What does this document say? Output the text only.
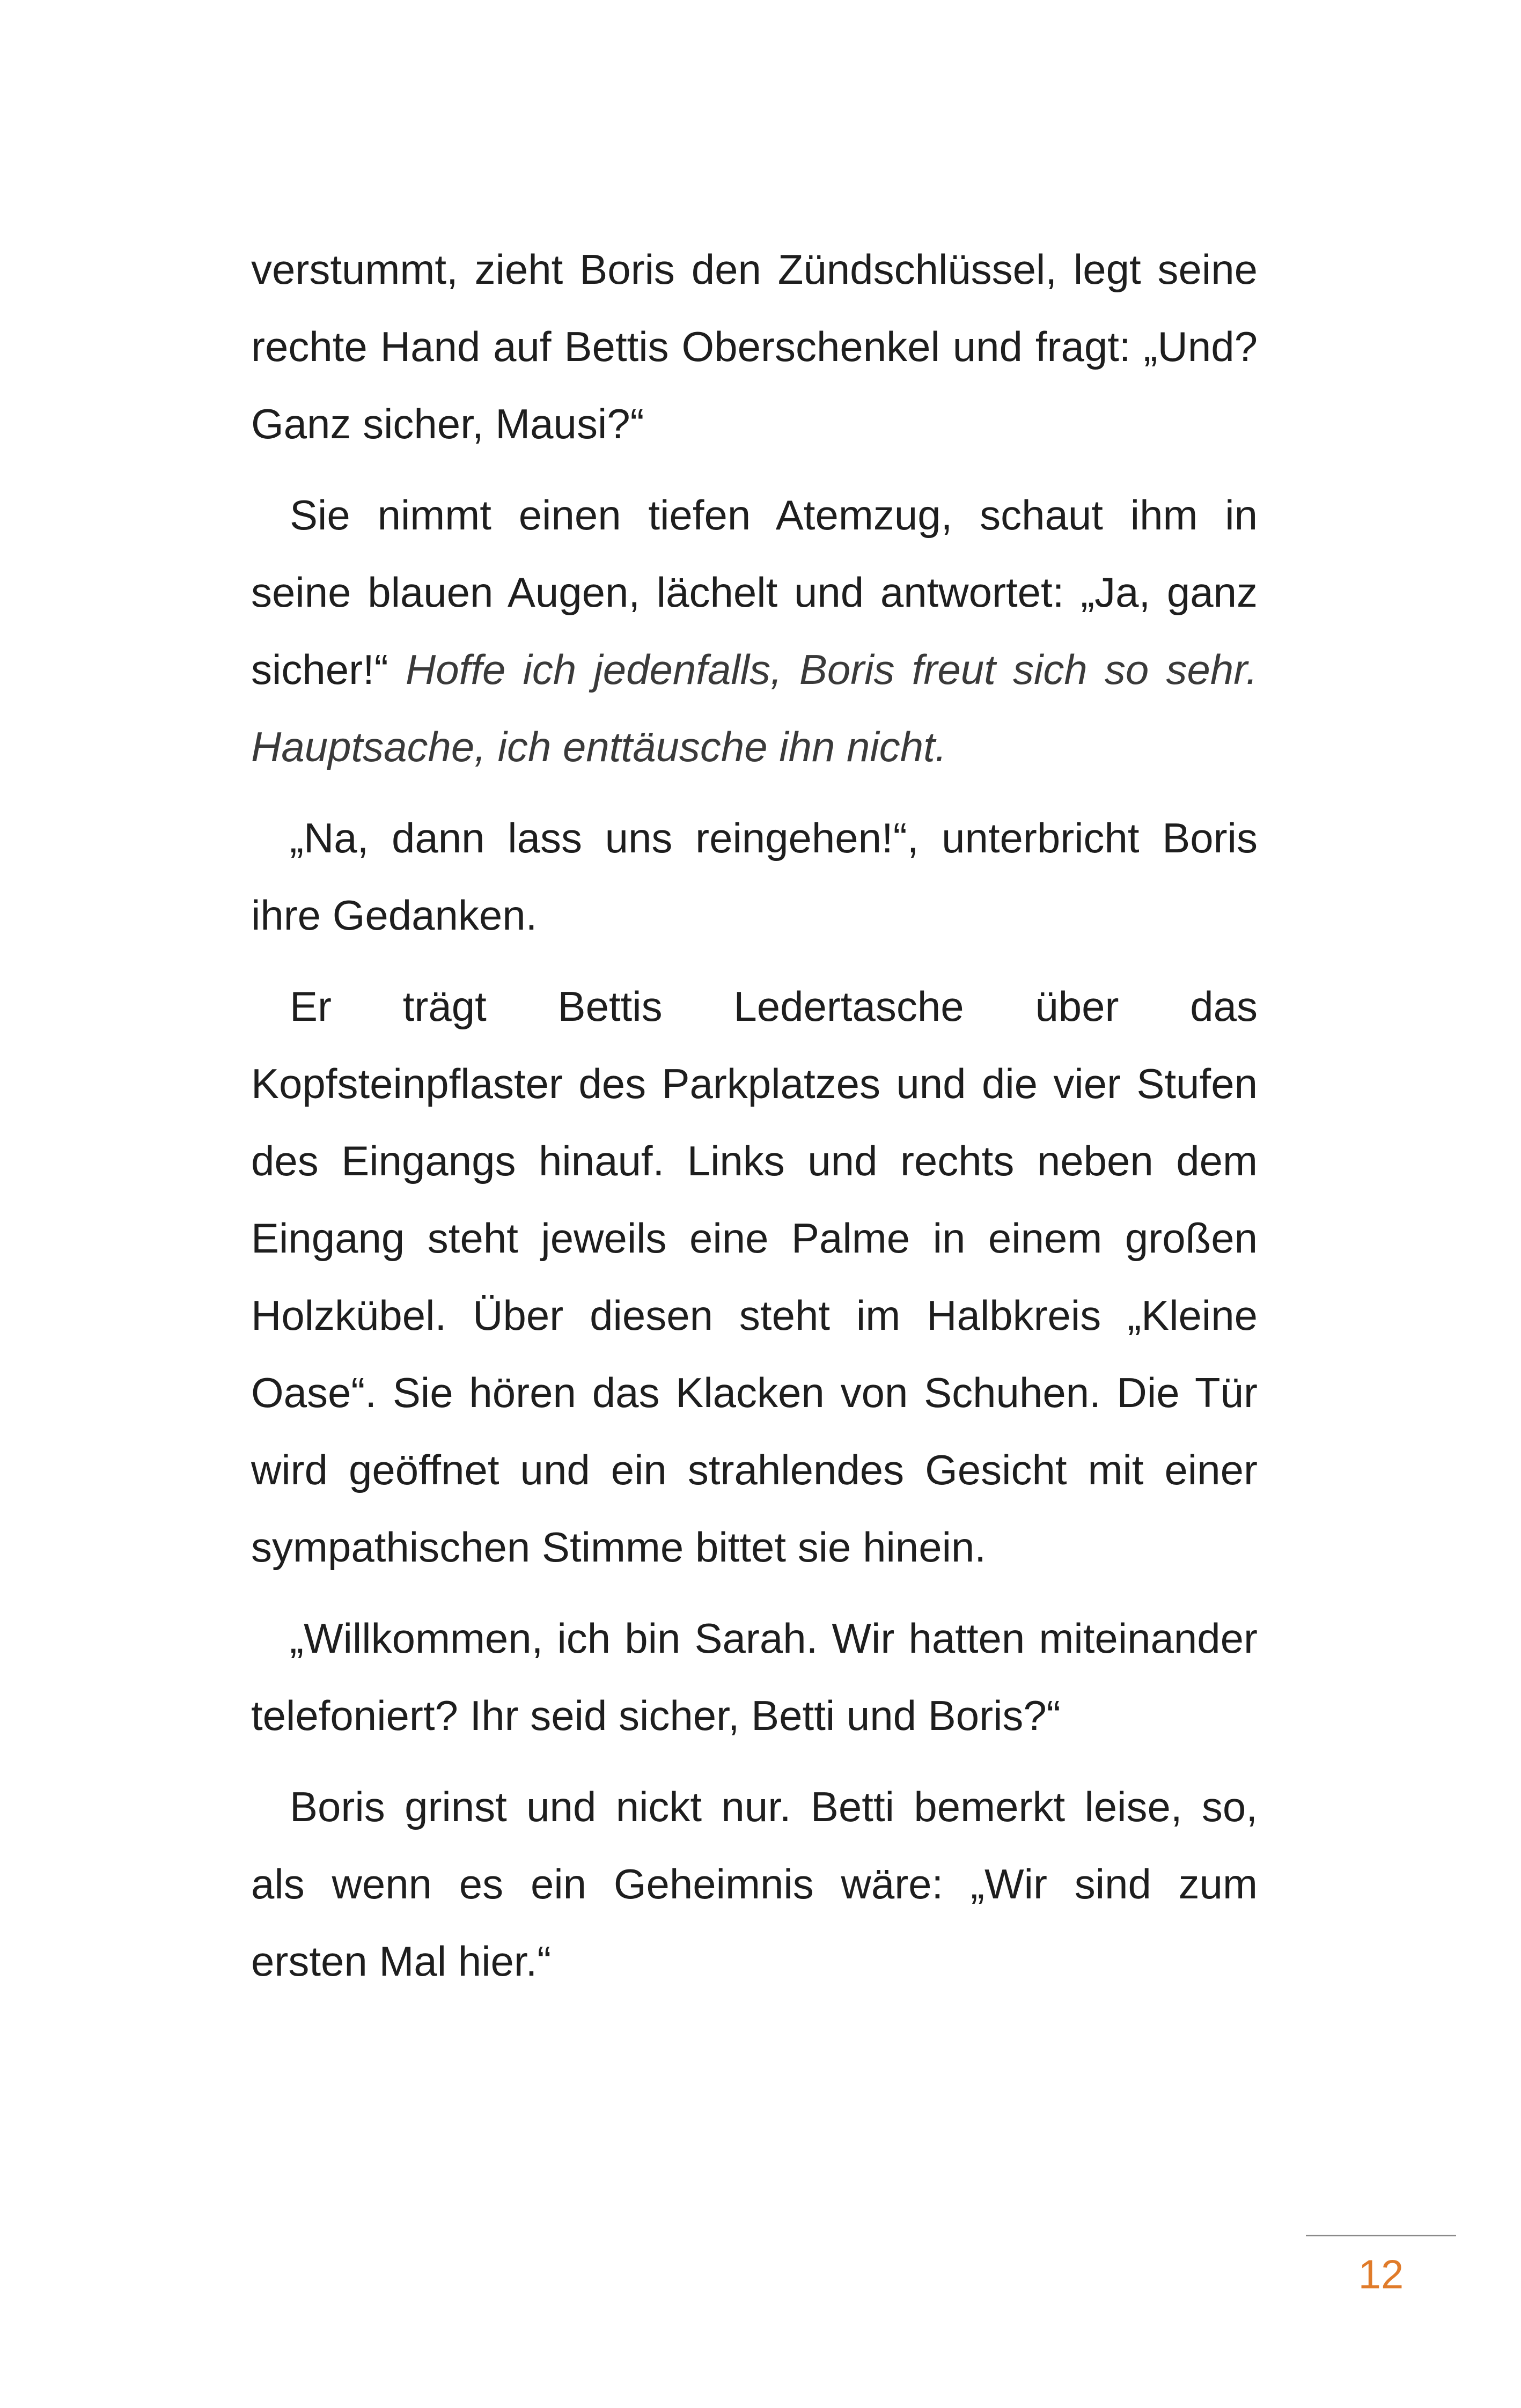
verstummt, zieht Boris den Zündschlüssel, legt seine rechte Hand auf Bettis Oberschenkel und fragt: „Und? Ganz sicher, Mausi?“

Sie nimmt einen tiefen Atemzug, schaut ihm in seine blauen Augen, lächelt und antwortet: „Ja, ganz sicher!“ Hoffe ich jedenfalls, Boris freut sich so sehr. Hauptsache, ich enttäusche ihn nicht.

„Na, dann lass uns reingehen!“, unterbricht Boris ihre Gedanken.

Er trägt Bettis Ledertasche über das Kopfsteinpflaster des Parkplatzes und die vier Stufen des Eingangs hinauf. Links und rechts neben dem Eingang steht jeweils eine Palme in einem großen Holzkübel. Über diesen steht im Halbkreis „Kleine Oase“. Sie hören das Klacken von Schuhen. Die Tür wird geöffnet und ein strahlendes Gesicht mit einer sympathischen Stimme bittet sie hinein.

„Willkommen, ich bin Sarah. Wir hatten miteinander telefoniert? Ihr seid sicher, Betti und Boris?“

Boris grinst und nickt nur. Betti bemerkt leise, so, als wenn es ein Geheimnis wäre: „Wir sind zum ersten Mal hier.“

12
